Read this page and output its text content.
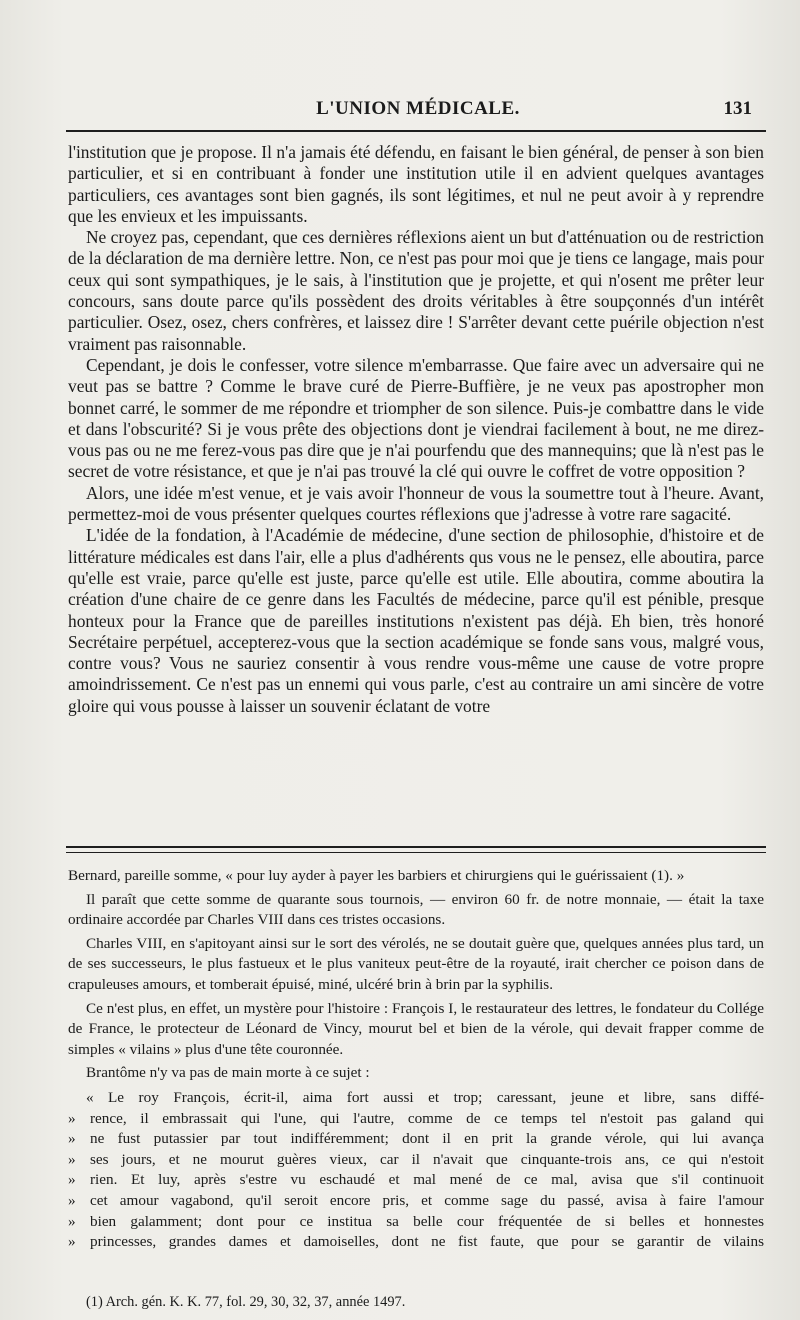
L'UNION MÉDICALE.	131

l'institution que je propose. Il n'a jamais été défendu, en faisant le bien général, de penser à son bien particulier, et si en contribuant à fonder une institution utile il en advient quelques avantages particuliers, ces avantages sont bien gagnés, ils sont légitimes, et nul ne peut avoir à y reprendre que les envieux et les impuissants.

Ne croyez pas, cependant, que ces dernières réflexions aient un but d'atténuation ou de restriction de la déclaration de ma dernière lettre. Non, ce n'est pas pour moi que je tiens ce langage, mais pour ceux qui sont sympathiques, je le sais, à l'institution que je projette, et qui n'osent me prêter leur concours, sans doute parce qu'ils possèdent des droits véritables à être soupçonnés d'un intérêt particulier. Osez, osez, chers confrères, et laissez dire ! S'arrêter devant cette puérile objection n'est vraiment pas raisonnable.

Cependant, je dois le confesser, votre silence m'embarrasse. Que faire avec un adversaire qui ne veut pas se battre ? Comme le brave curé de Pierre-Buffière, je ne veux pas apostropher mon bonnet carré, le sommer de me répondre et triompher de son silence. Puis-je combattre dans le vide et dans l'obscurité? Si je vous prête des objections dont je viendrai facilement à bout, ne me direz-vous pas ou ne me ferez-vous pas dire que je n'ai pourfendu que des mannequins; que là n'est pas le secret de votre résistance, et que je n'ai pas trouvé la clé qui ouvre le coffret de votre opposition ?

Alors, une idée m'est venue, et je vais avoir l'honneur de vous la soumettre tout à l'heure. Avant, permettez-moi de vous présenter quelques courtes réflexions que j'adresse à votre rare sagacité.

L'idée de la fondation, à l'Académie de médecine, d'une section de philosophie, d'histoire et de littérature médicales est dans l'air, elle a plus d'adhérents qus vous ne le pensez, elle aboutira, parce qu'elle est vraie, parce qu'elle est juste, parce qu'elle est utile. Elle aboutira, comme aboutira la création d'une chaire de ce genre dans les Facultés de médecine, parce qu'il est pénible, presque honteux pour la France que de pareilles institutions n'existent pas déjà. Eh bien, très honoré Secrétaire perpétuel, accepterez-vous que la section académique se fonde sans vous, malgré vous, contre vous? Vous ne sauriez consentir à vous rendre vous-même une cause de votre propre amoindrissement. Ce n'est pas un ennemi qui vous parle, c'est au contraire un ami sincère de votre gloire qui vous pousse à laisser un souvenir éclatant de votre

Bernard, pareille somme, « pour luy ayder à payer les barbiers et chirurgiens qui le guérissaient (1). »

Il paraît que cette somme de quarante sous tournois, — environ 60 fr. de notre monnaie, — était la taxe ordinaire accordée par Charles VIII dans ces tristes occasions.

Charles VIII, en s'apitoyant ainsi sur le sort des vérolés, ne se doutait guère que, quelques années plus tard, un de ses successeurs, le plus fastueux et le plus vaniteux peut-être de la royauté, irait chercher ce poison dans de crapuleuses amours, et tomberait épuisé, miné, ulcéré brin à brin par la syphilis.

Ce n'est plus, en effet, un mystère pour l'histoire : François I, le restaurateur des lettres, le fondateur du Collége de France, le protecteur de Léonard de Vincy, mourut bel et bien de la vérole, qui devait frapper comme de simples « vilains » plus d'une tête couronnée.

Brantôme n'y va pas de main morte à ce sujet :

« Le roy François, écrit-il, aima fort aussi et trop; caressant, jeune et libre, sans diffé-
» rence, il embrassait qui l'une, qui l'autre, comme de ce temps tel n'estoit pas galand qui
» ne fust putassier par tout indifféremment; dont il en prit la grande vérole, qui lui avança
» ses jours, et ne mourut guères vieux, car il n'avait que cinquante-trois ans, ce qui n'estoit
» rien. Et luy, après s'estre vu eschaudé et mal mené de ce mal, avisa que s'il continuoit
» cet amour vagabond, qu'il seroit encore pris, et comme sage du passé, avisa à faire l'amour
» bien galamment; dont pour ce institua sa belle cour fréquentée de si belles et honnestes
» princesses, grandes dames et damoiselles, dont ne fist faute, que pour se garantir de vilains
(1) Arch. gén. K. K. 77, fol. 29, 30, 32, 37, année 1497.
